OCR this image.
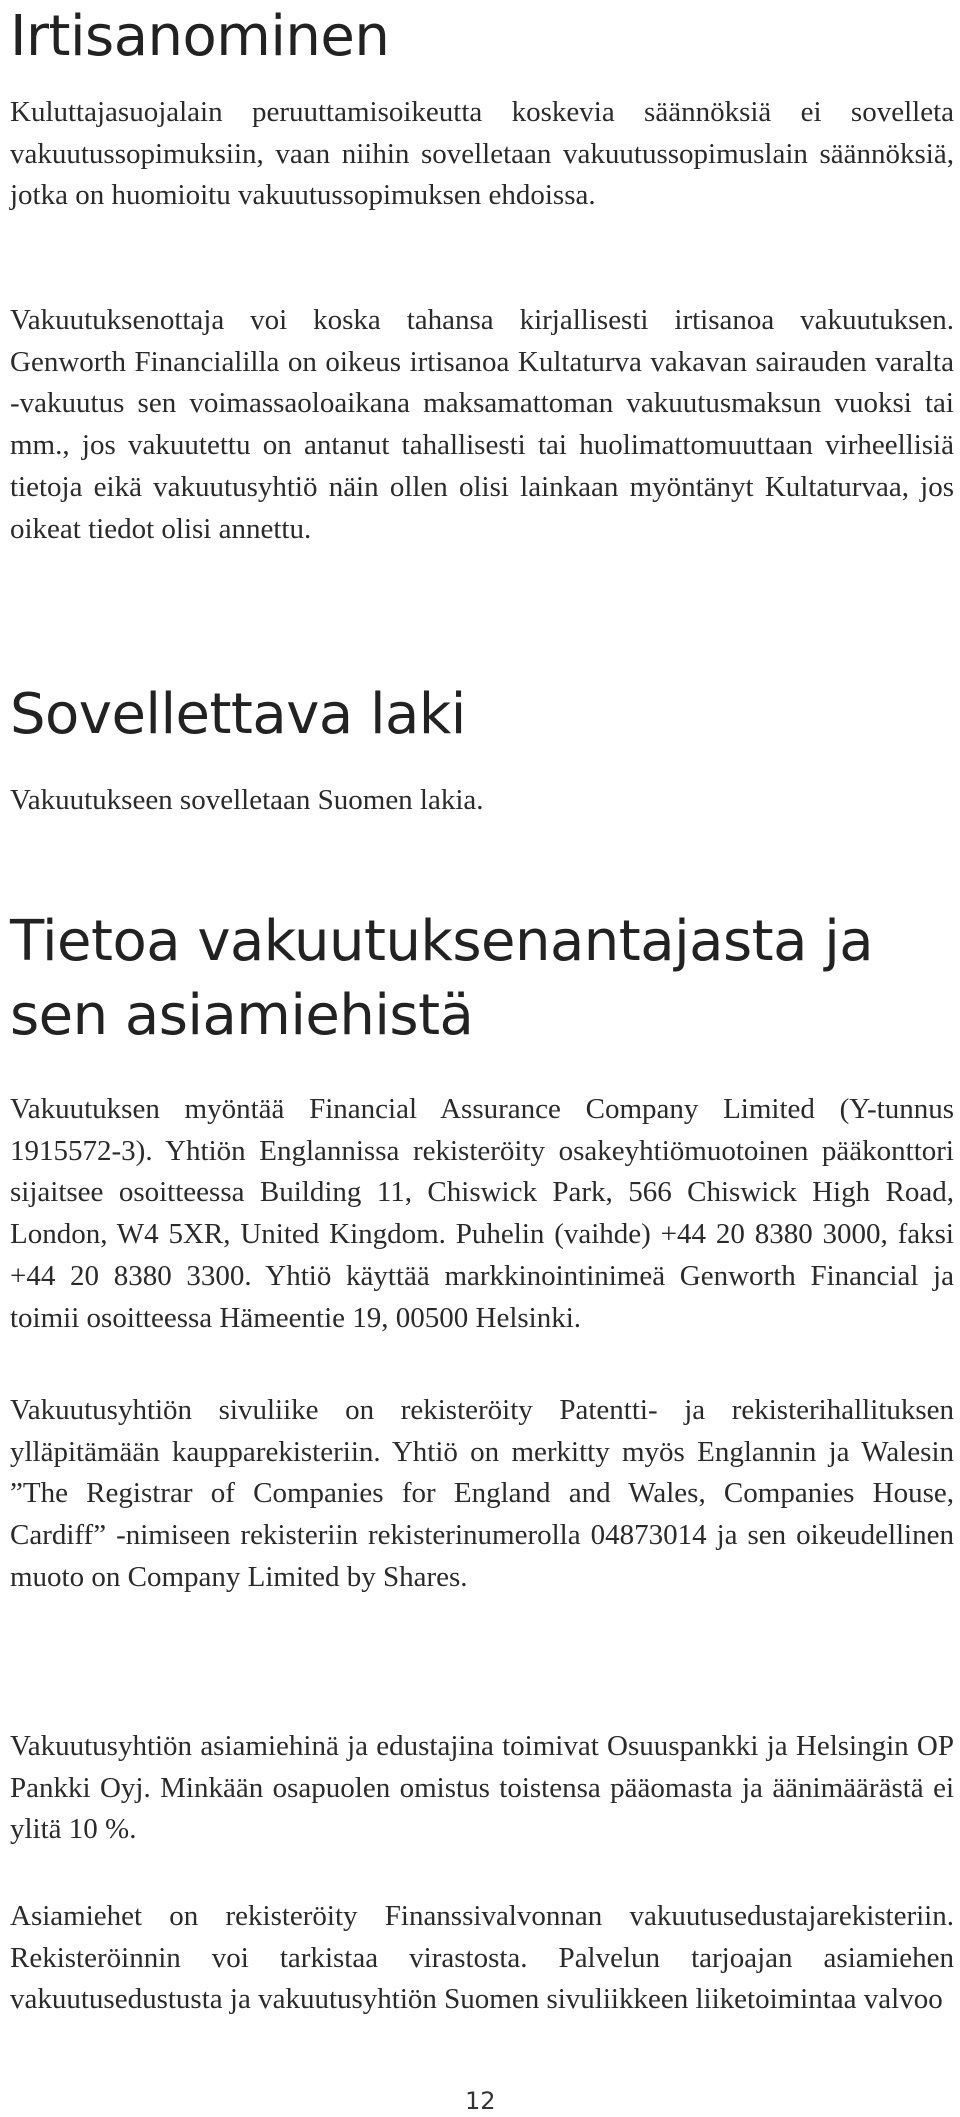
Irtisanominen

Kuluttajasuojalain peruuttamisoikeutta koskevia säännöksiä ei sovelleta vakuutussopimuksiin, vaan niihin sovelletaan vakuutussopimuslain säännöksiä, jotka on huomioitu vakuutussopimuksen ehdoissa.

Vakuutuksenottaja voi koska tahansa kirjallisesti irtisanoa vakuutuksen. Genworth Financialilla on oikeus irtisanoa Kultaturva vakavan sairauden varalta -vakuutus sen voimassaoloaikana maksamattoman vakuutusmaksun vuoksi tai mm., jos vakuutettu on antanut tahallisesti tai huolimattomuuttaan virheellisiä tietoja eikä vakuutusyhtiö näin ollen olisi lainkaan myöntänyt Kultaturvaa, jos oikeat tiedot olisi annettu.

Sovellettava laki

Vakuutukseen sovelletaan Suomen lakia.

Tietoa vakuutuksenantajasta ja sen asiamiehistä

Vakuutuksen myöntää Financial Assurance Company Limited (Y-tunnus 1915572-3). Yhtiön Englannissa rekisteröity osakeyhtiömuotoinen pääkonttori sijaitsee osoitteessa Building 11, Chiswick Park, 566 Chiswick High Road, London, W4 5XR, United Kingdom. Puhelin (vaihde) +44 20 8380 3000, faksi +44 20 8380 3300. Yhtiö käyttää markkinointinimeä Genworth Financial ja toimii osoitteessa Hämeentie 19, 00500 Helsinki.

Vakuutusyhtiön sivuliike on rekisteröity Patentti- ja rekisterihallituksen ylläpitämään kaupparekisteriin. Yhtiö on merkitty myös Englannin ja Walesin ”The Registrar of Companies for England and Wales, Companies House, Cardiff” -nimiseen rekisteriin rekisterinumerolla 04873014 ja sen oikeudellinen muoto on Company Limited by Shares.

Vakuutusyhtiön asiamiehinä ja edustajina toimivat Osuuspankki ja Helsingin OP Pankki Oyj. Minkään osapuolen omistus toistensa pääomasta ja äänimäärästä ei ylitä 10 %.

Asiamiehet on rekisteröity Finanssivalvonnan vakuutusedustajarekisteriin. Rekisteröinnin voi tarkistaa virastosta. Palvelun tarjoajan asiamiehen vakuutusedustusta ja vakuutusyhtiön Suomen sivuliikkeen liiketoimintaa valvoo

12
